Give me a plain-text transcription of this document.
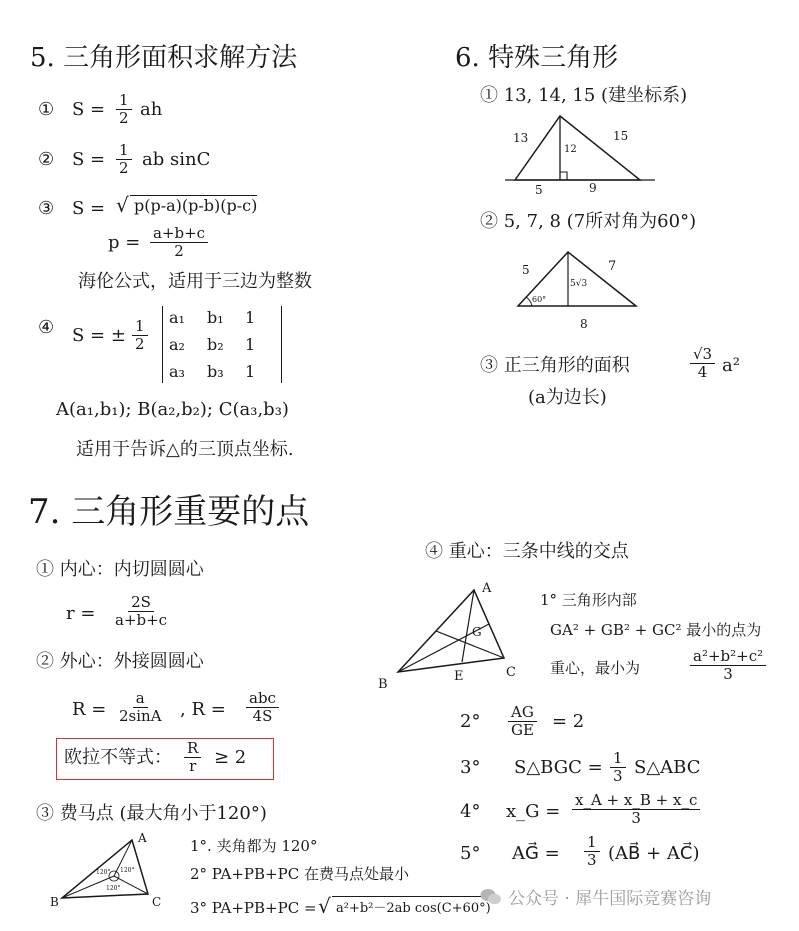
5. 三角形面积求解方法
① $S = \frac{1}{2}$ ah
② $S = \frac{1}{2}$ ab sinC
③ S = √ p(p-a)(p-b)(p-c)
$p = \frac{a+b+c}{2}$
海伦公式，适用于三边为整数
④ S = ± $\frac{1}{2}$
a₁	b₁	1
a₂	b₂	1
a₃	b₃	1
A(a₁,b₁); B(a₂,b₂); C(a₃,b₃)
适用于告诉△的三顶点坐标.
6. 特殊三角形
① 13, 14, 15 (建坐标系)
13	15
12
5	9
② 5, 7, 8 (7所对角为60°)
5	7
5√3
60°
8
③ 正三角形的面积	$\frac{√3}{4} a^2$
(a为边长)
7. 三角形重要的点
① 内心：内切圆圆心
$r = \frac{2S}{a+b+c}$
② 外心：外接圆圆心
$R = \frac{a}{2\sin A}$ , R =
abc
4S
欧拉不等式： $\frac{R}{r} \ge 2$
③ 费马点 (最大角小于120°)
A
B	C
120° 120°
120°
1°. 夹角都为 120°
2° PA+PB+PC 在费马点处最小
3° PA+PB+PC =	√ a²+b²－2ab cos(C+60°)
④ 重心：三条中线的交点
A
B
C
E
G
1° 三角形内部
GA² + GB² + GC² 最小的点为
重心，最小为	$\frac{\text{a²+b²+c²}}{3}$
$2^\circ \frac{AG}{GE} = 2$
3° S△BGC = $\frac{1}{3}$ S△ABC
4° x_G = $\frac{x\_A + x\_B + x\_c}{3}$
5° AG⃗ = $\frac{1}{3}$ (AB⃗ + AC⃗)
公众号 · 犀牛国际竞赛咨询
